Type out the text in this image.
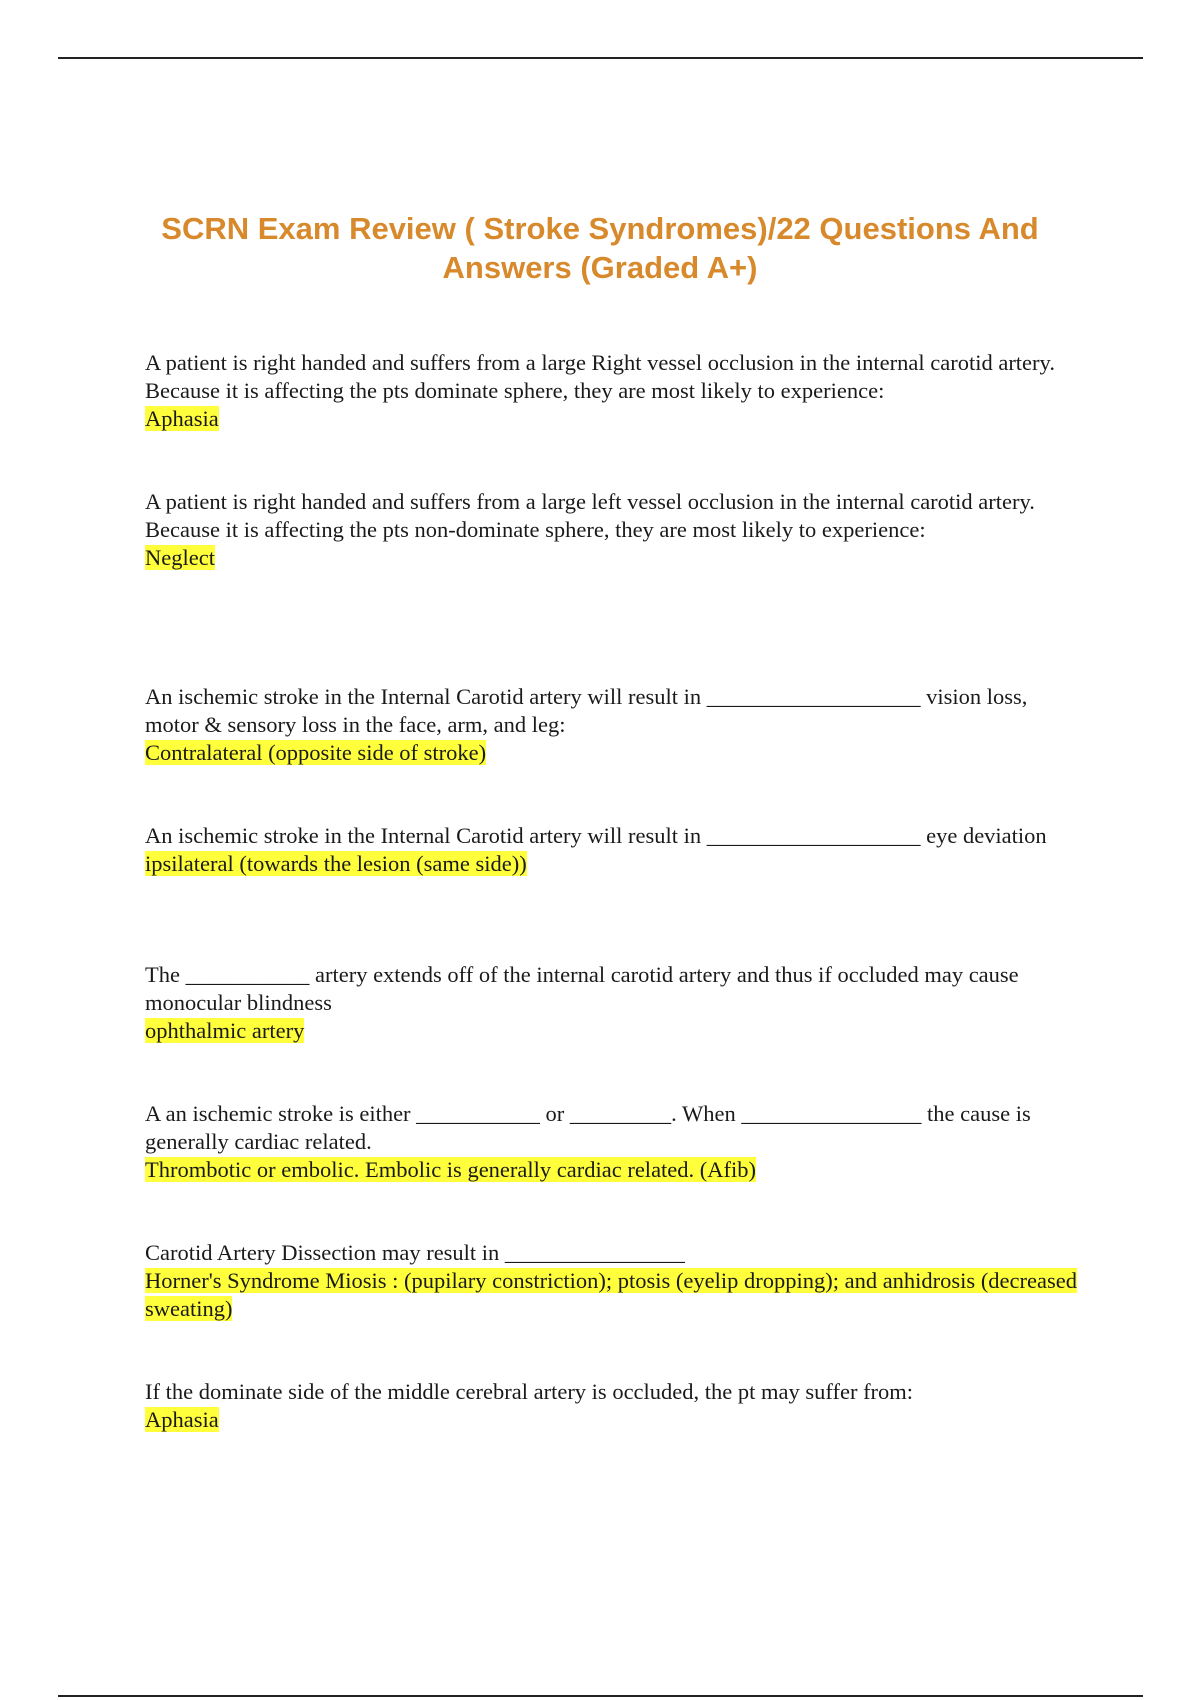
SCRN Exam Review ( Stroke Syndromes)/22 Questions And Answers (Graded A+)

A patient is right handed and suffers from a large Right vessel occlusion in the internal carotid artery. Because it is affecting the pts dominate sphere, they are most likely to experience:

Aphasia

A patient is right handed and suffers from a large left vessel occlusion in the internal carotid artery. Because it is affecting the pts non-dominate sphere, they are most likely to experience:

Neglect

An ischemic stroke in the Internal Carotid artery will result in ___________________ vision loss, motor & sensory loss in the face, arm, and leg:

Contralateral (opposite side of stroke)

An ischemic stroke in the Internal Carotid artery will result in ___________________ eye deviation

ipsilateral (towards the lesion (same side))

The ___________ artery extends off of the internal carotid artery and thus if occluded may cause monocular blindness

ophthalmic artery

A an ischemic stroke is either ___________ or _________. When ________________ the cause is generally cardiac related.

Thrombotic or embolic. Embolic is generally cardiac related. (Afib)

Carotid Artery Dissection may result in ________________

Horner's Syndrome Miosis : (pupilary constriction); ptosis (eyelip dropping); and anhidrosis (decreased sweating)

If the dominate side of the middle cerebral artery is occluded, the pt may suffer from:

Aphasia
